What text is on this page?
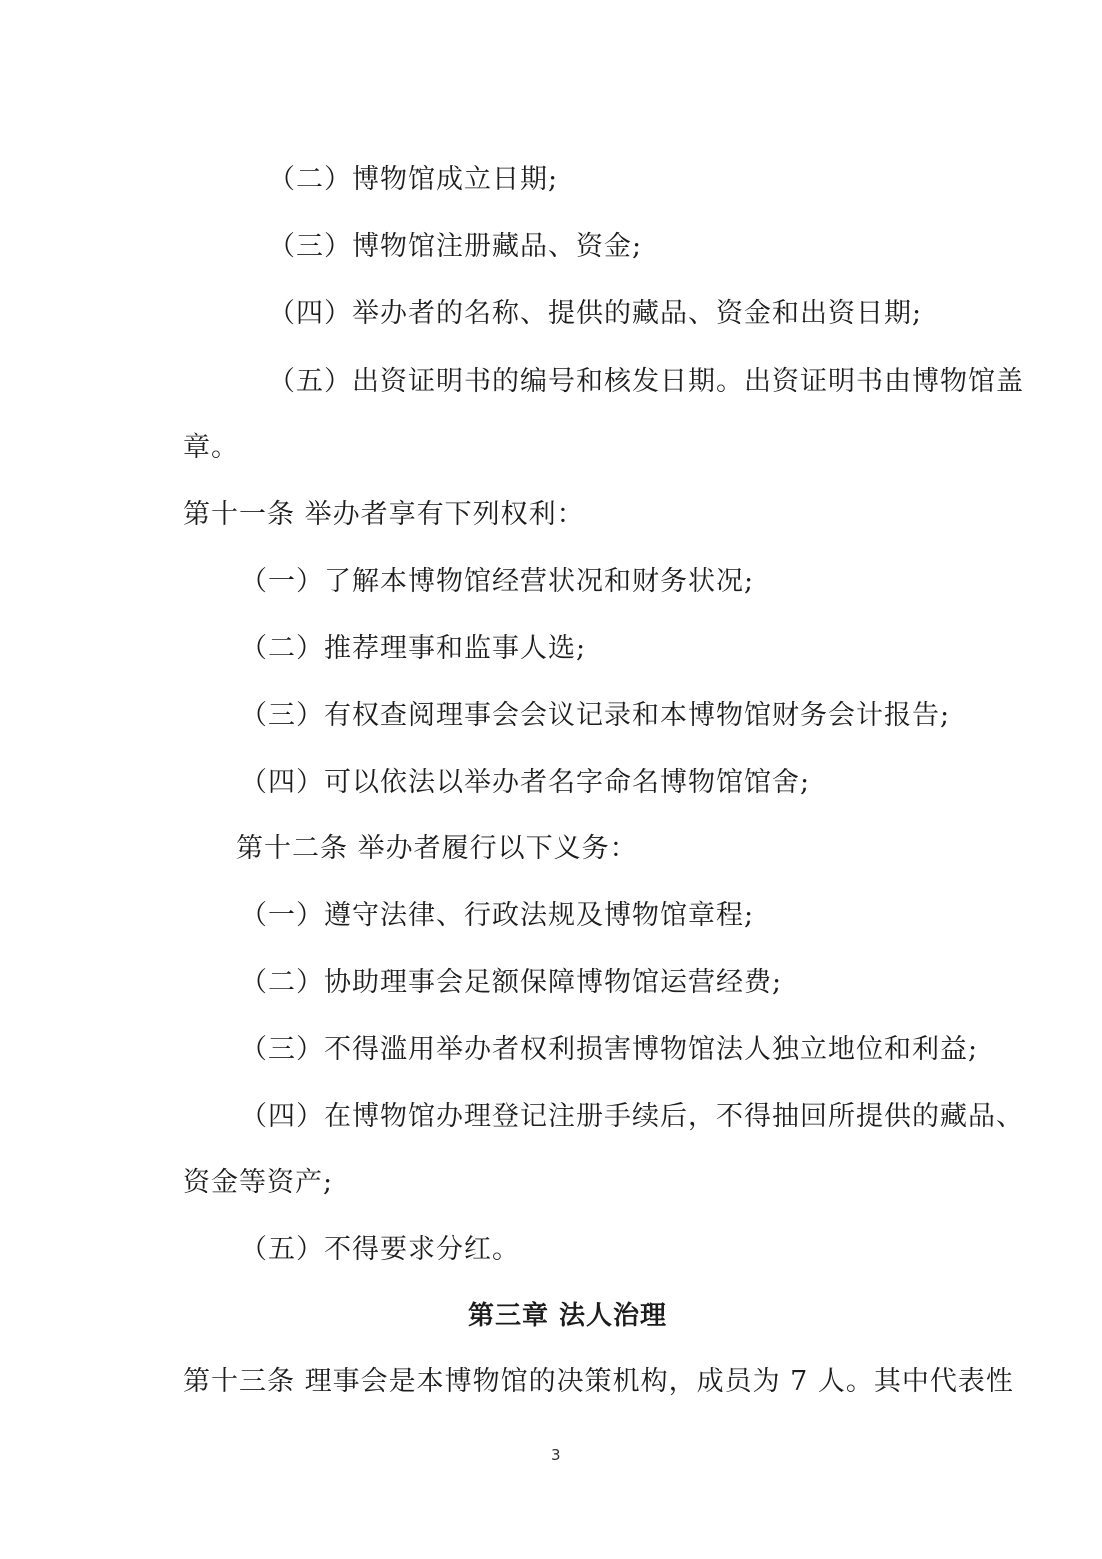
（二）博物馆成立日期;
（三）博物馆注册藏品、资金;
（四）举办者的名称、提供的藏品、资金和出资日期;
（五）出资证明书的编号和核发日期。出资证明书由博物馆盖
章。
第十一条 举办者享有下列权利：
（一）了解本博物馆经营状况和财务状况;
（二）推荐理事和监事人选;
（三）有权查阅理事会会议记录和本博物馆财务会计报告;
（四）可以依法以举办者名字命名博物馆馆舍;
第十二条 举办者履行以下义务：
（一）遵守法律、行政法规及博物馆章程;
（二）协助理事会足额保障博物馆运营经费;
（三）不得滥用举办者权利损害博物馆法人独立地位和利益;
（四）在博物馆办理登记注册手续后，不得抽回所提供的藏品、
资金等资产;
（五）不得要求分红。
第三章 法人治理
第十三条 理事会是本博物馆的决策机构，成员为 7 人。其中代表性
3
